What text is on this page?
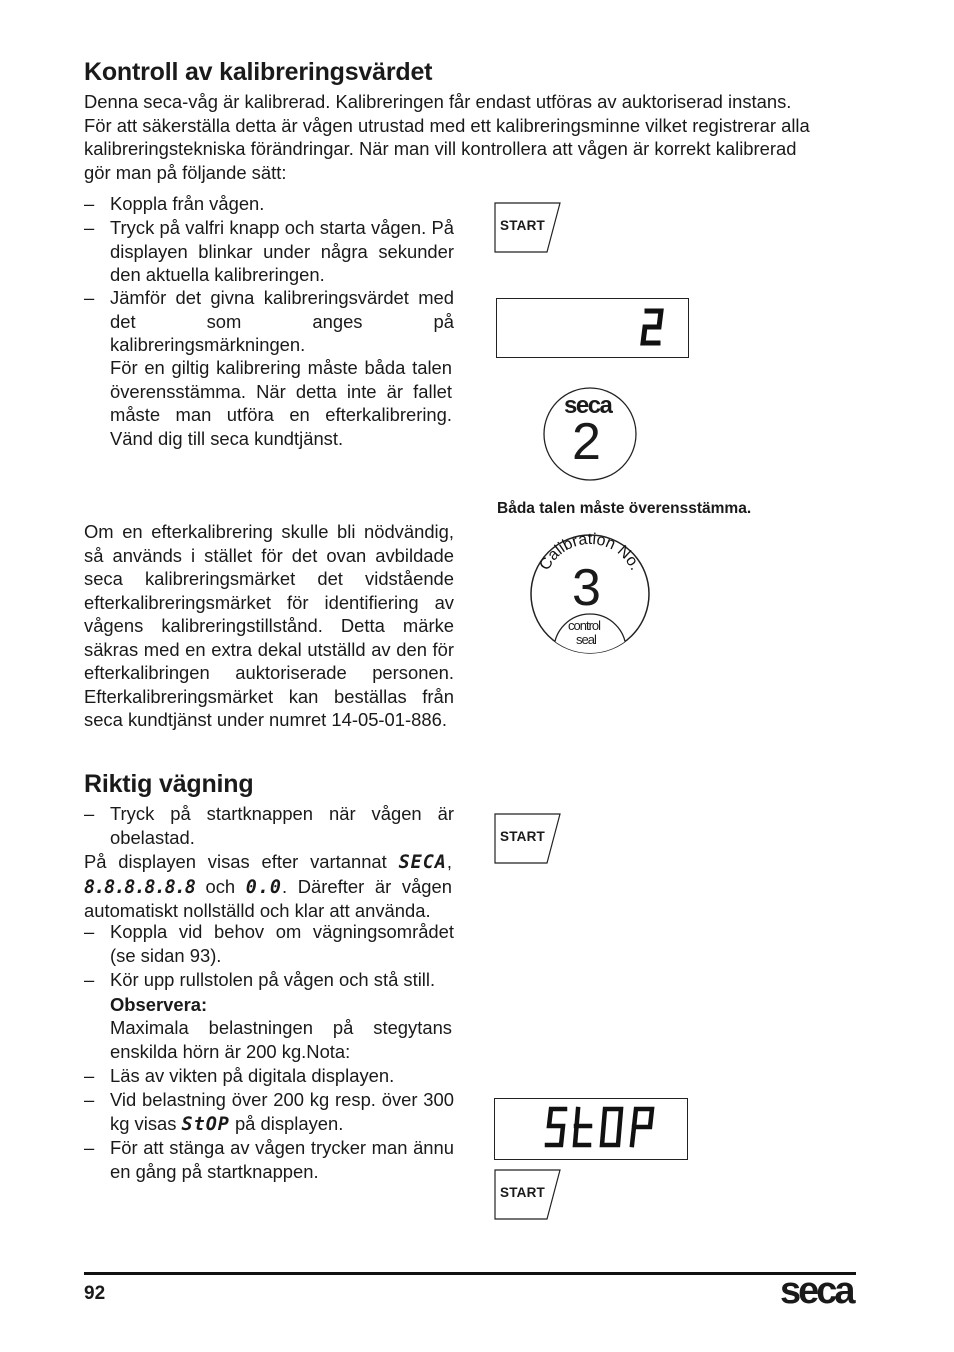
Kontroll av kalibreringsvärdet
Denna seca-våg är kalibrerad. Kalibreringen får endast utföras av auktoriserad instans.
För att säkerställa detta är vågen utrustad med ett kalibreringsminne vilket registrerar alla
kalibreringstekniska förändringar. När man vill kontrollera att vågen är korrekt kalibrerad
gör man på följande sätt:
– Koppla från vågen.
– Tryck på valfri knapp och starta vågen. På displayen blinkar under några sekunder den aktuella kalibreringen.
– Jämför det givna kalibreringsvärdet med det som anges på kalibreringsmärkningen.
För en giltig kalibrering måste båda talen överensstämma. När detta inte är fallet måste man utföra en efterkalibrering. Vänd dig till seca kundtjänst.
Om en efterkalibrering skulle bli nödvändig, så används i stället för det ovan avbildade seca kalibreringsmärket det vidstående efterkalibreringsmärket för identifiering av vågens kalibreringstillstånd. Detta märke säkras med en extra dekal utställd av den för efterkalibringen auktoriserade personen. Efterkalibreringsmärket kan beställas från seca kundtjänst under numret 14-05-01-886.
Riktig vägning
– Tryck på startknappen när vågen är obelastad.
På displayen visas efter vartannat SECA, 8.8.8.8.8.8 och 0.0. Därefter är vågen automatiskt nollställd och klar att använda.
– Koppla vid behov om vägningsområdet (se sidan 93).
– Kör upp rullstolen på vågen och stå still.
Observera:
Maximala belastningen på stegytans enskilda hörn är 200 kg.Nota:
– Läs av vikten på digitala displayen.
– Vid belastning över 200 kg resp. över 300 kg visas StOP på displayen.
– För att stänga av vågen trycker man ännu en gång på startknappen.
START
seca
2
Båda talen måste överensstämma.
Calibration No.
3
control
seal
START
START
92	seca
